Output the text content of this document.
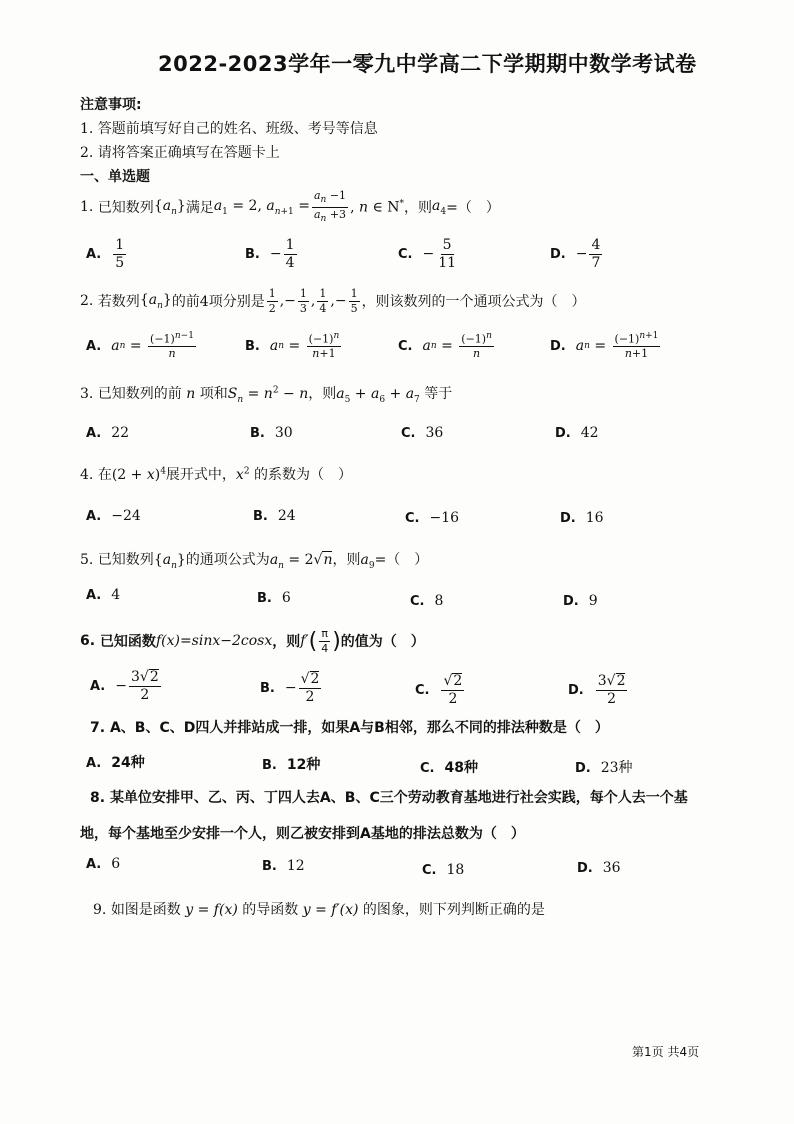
2022-2023学年一零九中学高二下学期期中数学考试卷
注意事项:
1. 答题前填写好自己的姓名、班级、考号等信息
2. 请将答案正确填写在答题卡上
一、单选题
1.
已知数列 $\{a_n\}$ 满足 $a_1 = 2$, $a_{n+1} = \frac{a_n -1}{a_n +3}$ , n ∈ N* ，则 $a_4$ =（　）
A. $\frac{1}{5}$	B. − $\frac{1}{4}$	C. − $\frac{5}{11}$	D. − $\frac{4}{7}$
2.
若数列 $\{a_n\}$ 的前4项分别是 $\frac{1}{2}$ ,− $\frac{1}{3}$ , $\frac{1}{4}$ ,− $\frac{1}{5}$ ，则该数列的一个通项公式为（　）
A. a $n = \frac{(-1)^{n-1}}{n}$	B. a $n = \frac{(-1)^n}{n+1}$	C. a $n = \frac{(-1)^n}{n}$	D. a $n = \frac{(-1)^{n+1}}{n+1}$
3. 已知数列的前 n 项和$S_n = n^2 - n$，则$a_5 + a_6 + a_7$ 等于
A. 22	B. 30	C. 36	D. 42
4. 在$(2 + x)^4$展开式中，$x^2$ 的系数为（　）
A. −24	B. 24	C. −16	D. 16
5. 已知数列$\{a_n\}$的通项公式为$a_n = 2√n$，则$a_9=$（　）
A. 4	B. 6	C. 8	D. 9
6.
已知函数 f(x)=sinx−2cosx ，则 f′ ( $\frac{\pi}{4}$ ) 的值为（　）
A. − $\frac{3√2}{2}$	B. − $\frac{√2}{2}$	C. $\frac{√2}{2}$	D. $\frac{3√2}{2}$
7. A、B、C、D四人并排站成一排，如果A与B相邻，那么不同的排法种数是（　）
A. 24种	B. 12种	C. 48种	D. 23种
8. 某单位安排甲、乙、丙、丁四人去A、B、C三个劳动教育基地进行社会实践，每个人去一个基
地，每个基地至少安排一个人，则乙被安排到A基地的排法总数为（　）
A. 6	B. 12	C. 18	D. 36
9. 如图是函数 y = f(x) 的导函数 y = f′(x) 的图象，则下列判断正确的是
第1页 共4页
